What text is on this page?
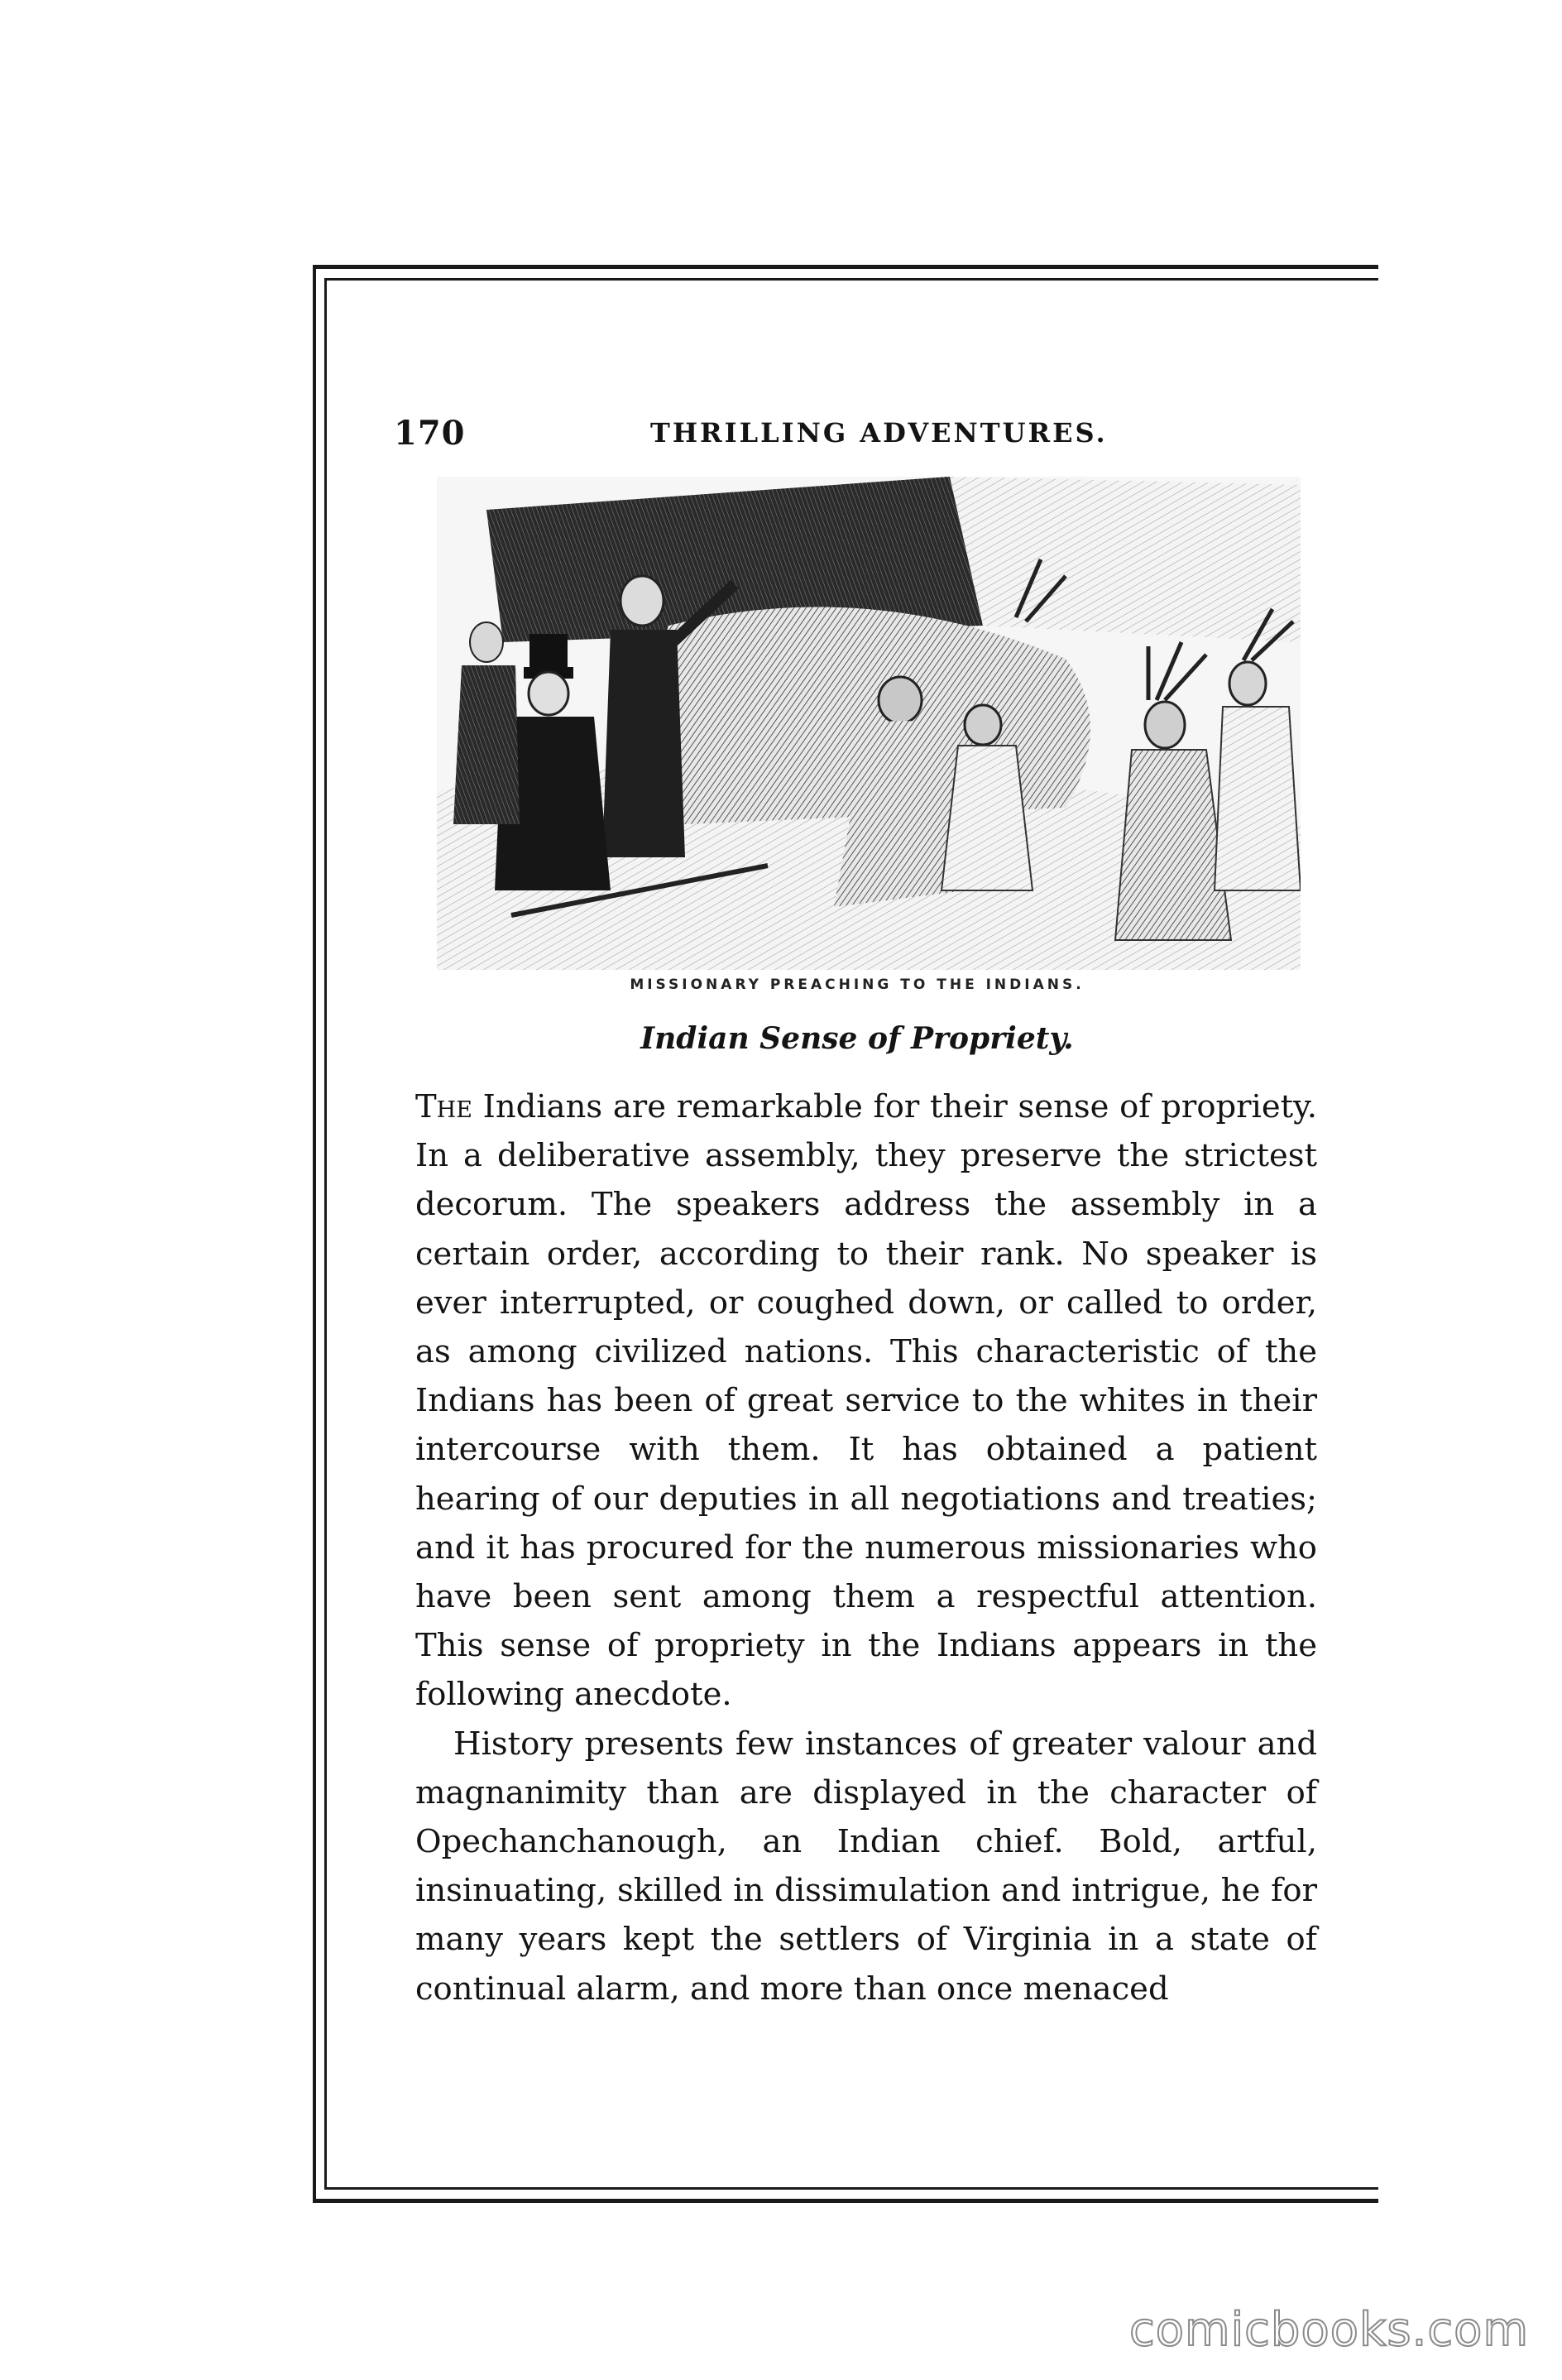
170	THRILLING ADVENTURES.
MISSIONARY PREACHING TO THE INDIANS.
Indian Sense of Propriety.

The Indians are remarkable for their sense of propriety. In a deliberative assembly, they preserve the strictest decorum. The speakers address the assembly in a certain order, according to their rank. No speaker is ever interrupted, or coughed down, or called to order, as among civilized nations. This characteristic of the Indians has been of great service to the whites in their intercourse with them. It has obtained a patient hearing of our deputies in all negotiations and treaties; and it has procured for the numerous missionaries who have been sent among them a respectful attention. This sense of propriety in the Indians appears in the following anecdote.

History presents few instances of greater valour and magnanimity than are displayed in the character of Opechanchanough, an Indian chief. Bold, artful, insinuating, skilled in dissimulation and intrigue, he for many years kept the settlers of Virginia in a state of continual alarm, and more than once menaced

comicbooks.com
